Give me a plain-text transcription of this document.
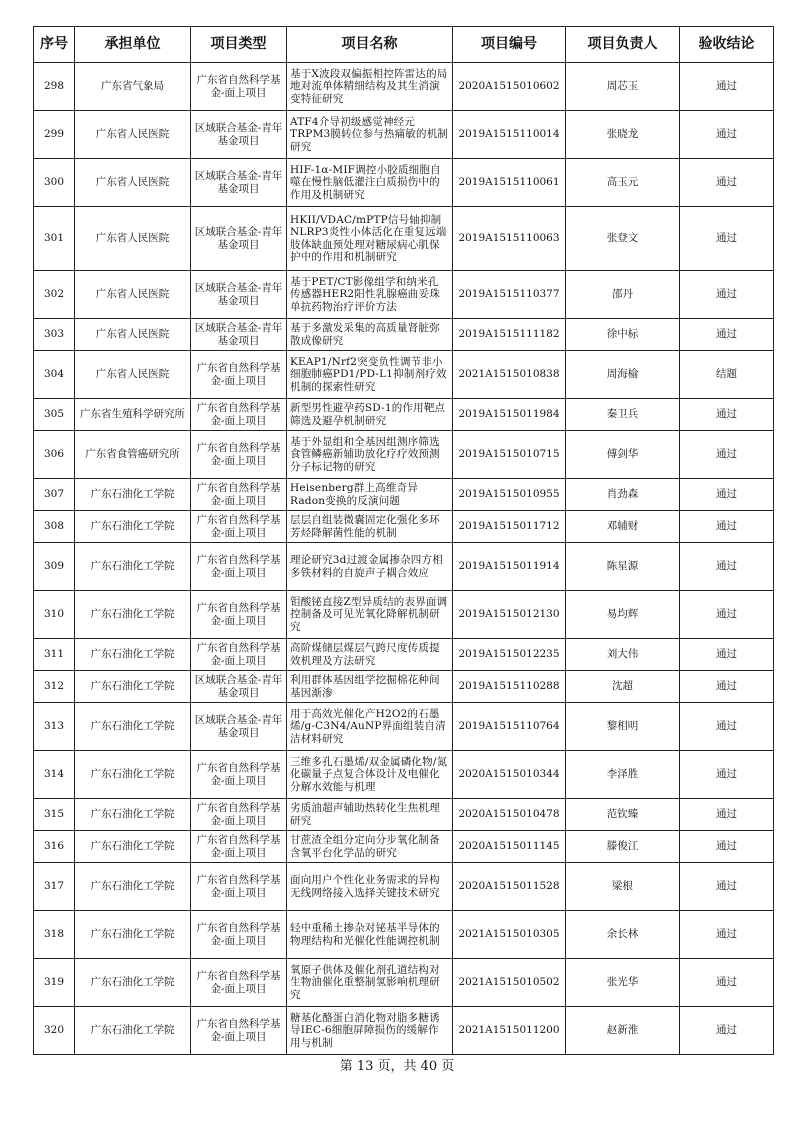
序号	承担单位	项目类型	项目名称	项目编号	项目负责人	验收结论
298	广东省气象局	广东省自然科学基金-面上项目	基于X波段双偏振相控阵雷达的局地对流单体精细结构及其生消演变特征研究	2020A1515010602	周芯玉	通过
299	广东省人民医院	区域联合基金-青年基金项目	ATF4介导初级感觉神经元TRPM3膜转位参与热痛敏的机制研究	2019A1515110014	张晓龙	通过
300	广东省人民医院	区域联合基金-青年基金项目	HIF-1α-MIF调控小胶质细胞自噬在慢性脑低灌注白质损伤中的作用及机制研究	2019A1515110061	高玉元	通过
301	广东省人民医院	区域联合基金-青年基金项目	HKII/VDAC/mPTP信号轴抑制NLRP3炎性小体活化在重复远端肢体缺血预处理对糖尿病心肌保护中的作用和机制研究	2019A1515110063	张登文	通过
302	广东省人民医院	区域联合基金-青年基金项目	基于PET/CT影像组学和纳米孔传感器HER2阳性乳腺癌曲妥珠单抗药物治疗评价方法	2019A1515110377	邵丹	通过
303	广东省人民医院	区域联合基金-青年基金项目	基于多激发采集的高质量肾脏弥散成像研究	2019A1515111182	徐中标	通过
304	广东省人民医院	广东省自然科学基金-面上项目	KEAP1/Nrf2突变负性调节非小细胞肺癌PD1/PD-L1抑制剂疗效机制的探索性研究	2021A1515010838	周海榆	结题
305	广东省生殖科学研究所	广东省自然科学基金-面上项目	新型男性避孕药SD-1的作用靶点筛选及避孕机制研究	2019A1515011984	秦卫兵	通过
306	广东省食管癌研究所	广东省自然科学基金-面上项目	基于外显组和全基因组测序筛选食管鳞癌新辅助放化疗疗效预测分子标记物的研究	2019A1515010715	傅剑华	通过
307	广东石油化工学院	广东省自然科学基金-面上项目	Heisenberg群上高维奇异Radon变换的反演问题	2019A1515010955	肖劲森	通过
308	广东石油化工学院	广东省自然科学基金-面上项目	层层自组装微囊固定化强化多环芳烃降解菌性能的机制	2019A1515011712	邓辅财	通过
309	广东石油化工学院	广东省自然科学基金-面上项目	理论研究3d过渡金属掺杂四方相多铁材料的自旋声子耦合效应	2019A1515011914	陈星源	通过
310	广东石油化工学院	广东省自然科学基金-面上项目	钼酸铋直接Z型异质结的表界面调控制备及可见光氧化降解机制研究	2019A1515012130	易均辉	通过
311	广东石油化工学院	广东省自然科学基金-面上项目	高阶煤储层煤层气跨尺度传质提效机理及方法研究	2019A1515012235	刘大伟	通过
312	广东石油化工学院	区域联合基金-青年基金项目	利用群体基因组学挖掘棉花种间基因渐渗	2019A1515110288	沈超	通过
313	广东石油化工学院	区域联合基金-青年基金项目	用于高效光催化产H2O2的石墨烯/g-C3N4/AuNP界面组装自清洁材料研究	2019A1515110764	黎相明	通过
314	广东石油化工学院	广东省自然科学基金-面上项目	三维多孔石墨烯/双金属磷化物/氮化碳量子点复合体设计及电催化分解水效能与机理	2020A1515010344	李泽胜	通过
315	广东石油化工学院	广东省自然科学基金-面上项目	劣质油超声辅助热转化生焦机理研究	2020A1515010478	范钦臻	通过
316	广东石油化工学院	广东省自然科学基金-面上项目	甘蔗渣全组分定向分步氧化制备含氧平台化学品的研究	2020A1515011145	滕俊江	通过
317	广东石油化工学院	广东省自然科学基金-面上项目	面向用户个性化业务需求的异构无线网络接入选择关键技术研究	2020A1515011528	梁根	通过
318	广东石油化工学院	广东省自然科学基金-面上项目	轻中重稀土掺杂对铋基半导体的物理结构和光催化性能调控机制	2021A1515010305	余长林	通过
319	广东石油化工学院	广东省自然科学基金-面上项目	氧原子供体及催化剂孔道结构对生物油催化重整制氢影响机理研究	2021A1515010502	张光华	通过
320	广东石油化工学院	广东省自然科学基金-面上项目	糖基化酪蛋白消化物对脂多糖诱导IEC-6细胞屏障损伤的缓解作用与机制	2021A1515011200	赵新淮	通过
第 13 页，共 40 页
